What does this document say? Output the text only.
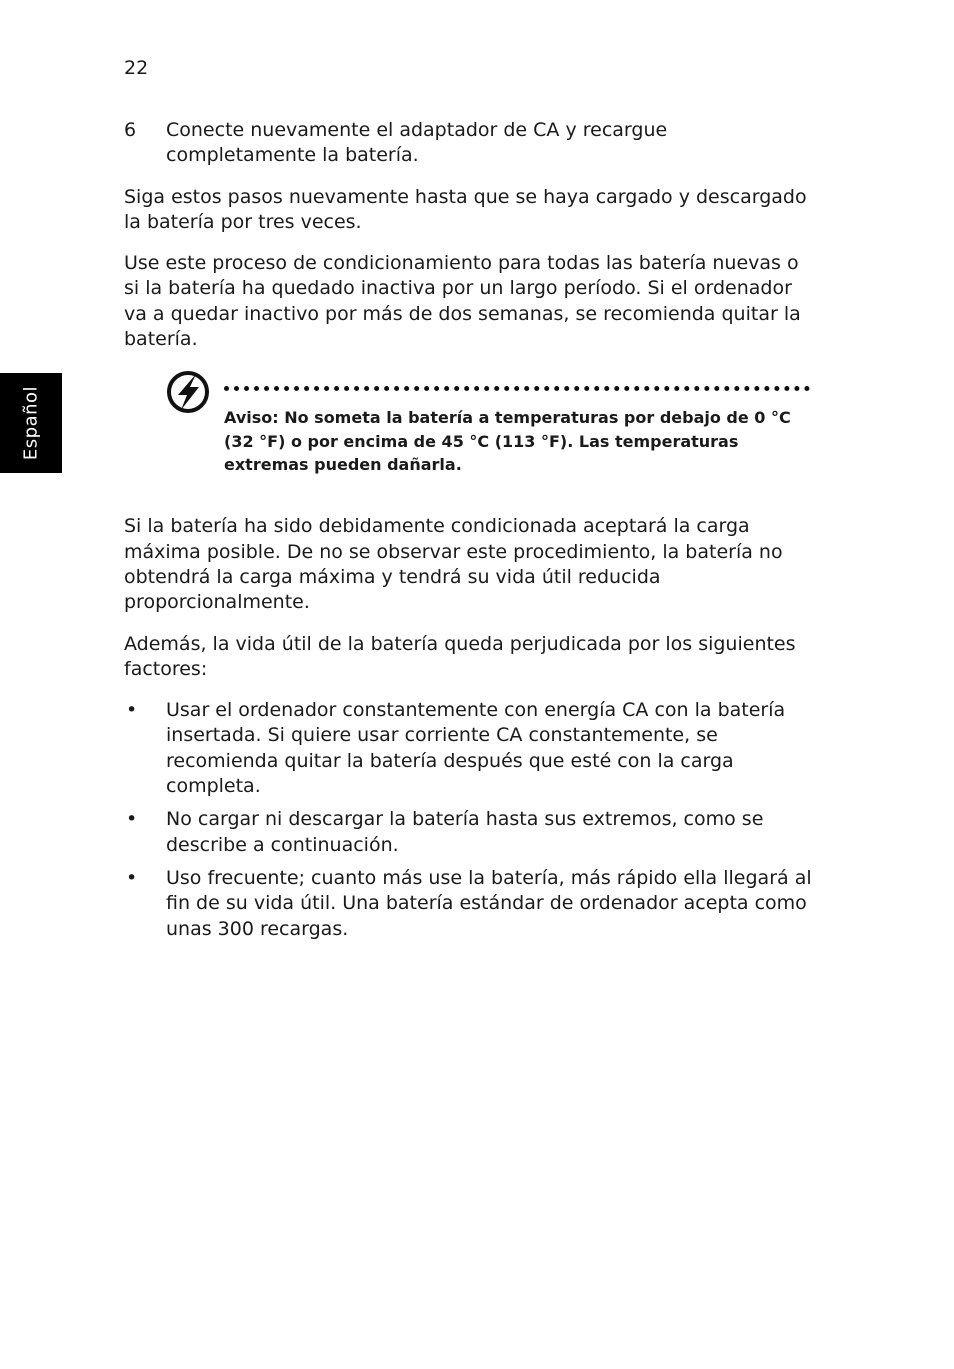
22
Español
6	Conecte nuevamente el adaptador de CA y recargue completamente la batería.

Siga estos pasos nuevamente hasta que se haya cargado y descargado la batería por tres veces.

Use este proceso de condicionamiento para todas las batería nuevas o si la batería ha quedado inactiva por un largo período. Si el ordenador va a quedar inactivo por más de dos semanas, se recomienda quitar la batería.

Aviso: No someta la batería a temperaturas por debajo de 0 °C (32 °F) o por encima de 45 °C (113 °F). Las temperaturas extremas pueden dañarla.

Si la batería ha sido debidamente condicionada aceptará la carga máxima posible. De no se observar este procedimiento, la batería no obtendrá la carga máxima y tendrá su vida útil reducida proporcionalmente.

Además, la vida útil de la batería queda perjudicada por los siguientes factores:

•	Usar el ordenador constantemente con energía CA con la batería insertada. Si quiere usar corriente CA constantemente, se recomienda quitar la batería después que esté con la carga completa.
•	No cargar ni descargar la batería hasta sus extremos, como se describe a continuación.
•	Uso frecuente; cuanto más use la batería, más rápido ella llegará al fin de su vida útil. Una batería estándar de ordenador acepta como unas 300 recargas.
